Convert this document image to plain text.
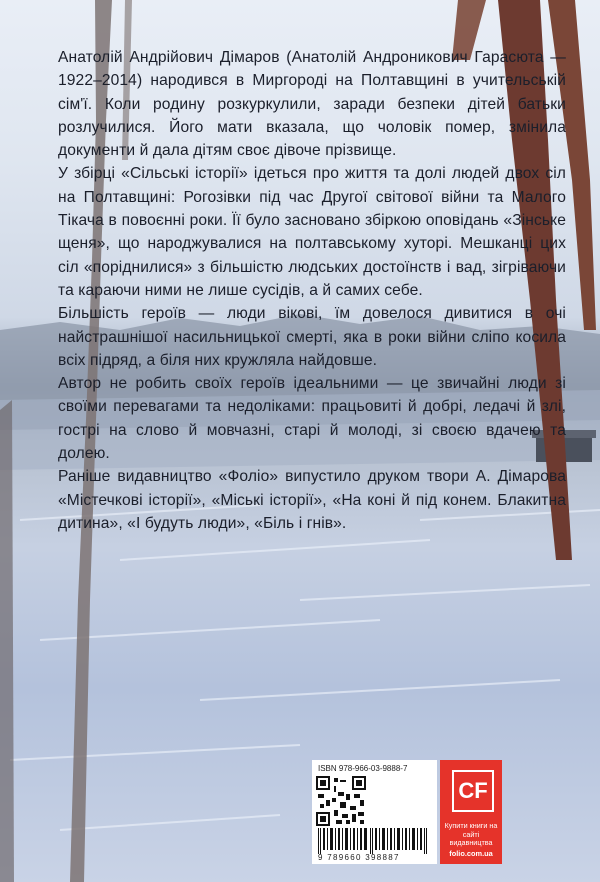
Анатолій Андрійович Дімаров (Анатолій Андроникович Гарасюта — 1922–2014) народився в Миргороді на Полтавщині в учительській сім'ї. Коли родину розкуркулили, заради безпеки дітей батьки розлучилися. Його мати вказала, що чоловік помер, змінила документи й дала дітям своє дівоче прізвище.

У збірці «Сільські історії» ідеться про життя та долі людей двох сіл на Полтавщині: Рогозівки під час Другої світової війни та Малого Тікача в повоєнні роки. Її було засновано збіркою оповідань «Зінське щеня», що народжувалися на полтавському хуторі. Мешканці цих сіл «поріднилися» з більшістю людських достоїнств і вад, зігріваючи та караючи ними не лише сусідів, а й самих себе.

Більшість героїв — люди вікові, їм довелося дивитися в очі найстрашнішої насильницької смерті, яка в роки війни сліпо косила всіх підряд, а біля них кружляла найдовше.

Автор не робить своїх героїв ідеальними — це звичайні люди зі своїми перевагами та недоліками: працьовиті й добрі, ледачі й злі, гострі на слово й мовчазні, старі й молоді, зі своєю вдачею та долею.

Раніше видавництво «Фоліо» випустило друком твори А. Дімарова «Містечкові історії», «Міські історії», «На коні й під конем. Блакитна дитина», «І будуть люди», «Біль і гнів».

ISBN 978-966-03-9888-7
9 789660 398887
CF
Купити книги на сайті видавництва
folio.com.ua
